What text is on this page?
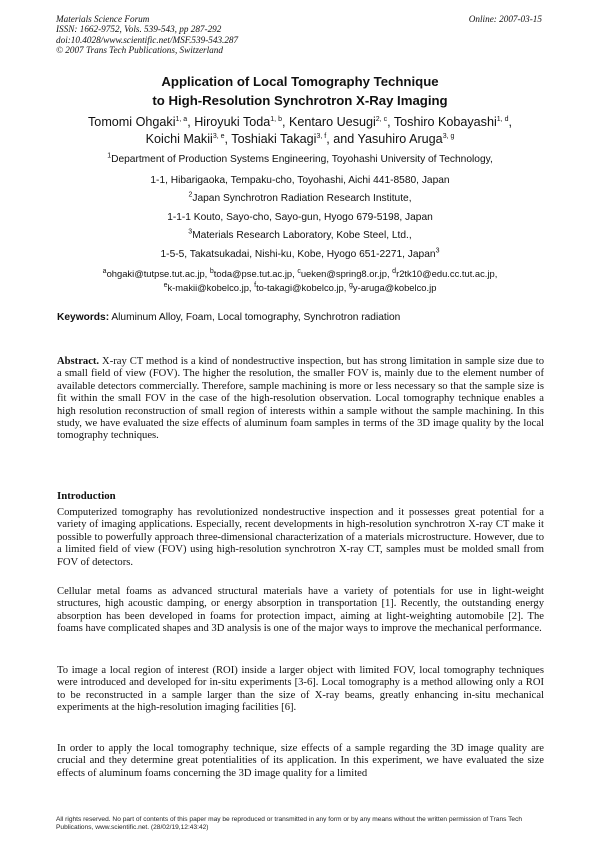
Materials Science Forum
ISSN: 1662-9752, Vols. 539-543, pp 287-292
doi:10.4028/www.scientific.net/MSF.539-543.287
© 2007 Trans Tech Publications, Switzerland
Online: 2007-03-15
Application of Local Tomography Technique
to High-Resolution Synchrotron X-Ray Imaging
Tomomi Ohgaki$^{1, a}$, Hiroyuki Toda$^{1, b}$, Kentaro Uesugi$^{2, c}$, Toshiro Kobayashi$^{1, d}$,
Koichi Makii$^{3, e}$, Toshiaki Takagi$^{3, f}$, and Yasuhiro Aruga$^{3, g}$
$^1$Department of Production Systems Engineering, Toyohashi University of Technology,
1-1, Hibarigaoka, Tempaku-cho, Toyohashi, Aichi 441-8580, Japan
$^2$Japan Synchrotron Radiation Research Institute,
1-1-1 Kouto, Sayo-cho, Sayo-gun, Hyogo 679-5198, Japan
$^3$Materials Research Laboratory, Kobe Steel, Ltd.,
1-5-5, Takatsukadai, Nishi-ku, Kobe, Hyogo 651-2271, Japan$^3$
$^a$ohgaki@tutpse.tut.ac.jp, $^b$toda@pse.tut.ac.jp, $^c$ueken@spring8.or.jp, $^d$r2tk10@edu.cc.tut.ac.jp,
$^e$k-makii@kobelco.jp, $^f$to-takagi@kobelco.jp, $^g$y-aruga@kobelco.jp
Keywords: Aluminum Alloy, Foam, Local tomography, Synchrotron radiation
Abstract. X-ray CT method is a kind of nondestructive inspection, but has strong limitation in sample size due to a small field of view (FOV). The higher the resolution, the smaller FOV is, mainly due to the element number of available detectors commercially. Therefore, sample machining is more or less necessary so that the sample size is fit within the small FOV in the case of the high-resolution observation. Local tomography technique enables a high resolution reconstruction of small region of interests within a sample without the sample machining. In this study, we have evaluated the size effects of aluminum foam samples in terms of the 3D image quality by the local tomography techniques.
Introduction
Computerized tomography has revolutionized nondestructive inspection and it possesses great potential for a variety of imaging applications. Especially, recent developments in high-resolution synchrotron X-ray CT make it possible to powerfully approach three-dimensional characterization of a materials microstructure. However, due to a limited field of view (FOV) using high-resolution synchrotron X-ray CT, samples must be molded small from FOV of detectors.
Cellular metal foams as advanced structural materials have a variety of potentials for use in light-weight structures, high acoustic damping, or energy absorption in transportation [1]. Recently, the outstanding energy absorption has been developed in foams for protection impact, aiming at light-weighting automobile [2]. The foams have complicated shapes and 3D analysis is one of the major ways to improve the mechanical performance.
To image a local region of interest (ROI) inside a larger object with limited FOV, local tomography techniques were introduced and developed for in-situ experiments [3-6]. Local tomography is a method allowing only a ROI to be reconstructed in a sample larger than the size of X-ray beams, greatly enhancing in-situ mechanical experiments at the high-resolution imaging facilities [6].
In order to apply the local tomography technique, size effects of a sample regarding the 3D image quality are crucial and they determine great potentialities of its application. In this experiment, we have evaluated the size effects of aluminum foams concerning the 3D image quality for a limited
All rights reserved. No part of contents of this paper may be reproduced or transmitted in any form or by any means without the written permission of Trans Tech Publications, www.scientific.net. (28/02/19,12:43:42)
